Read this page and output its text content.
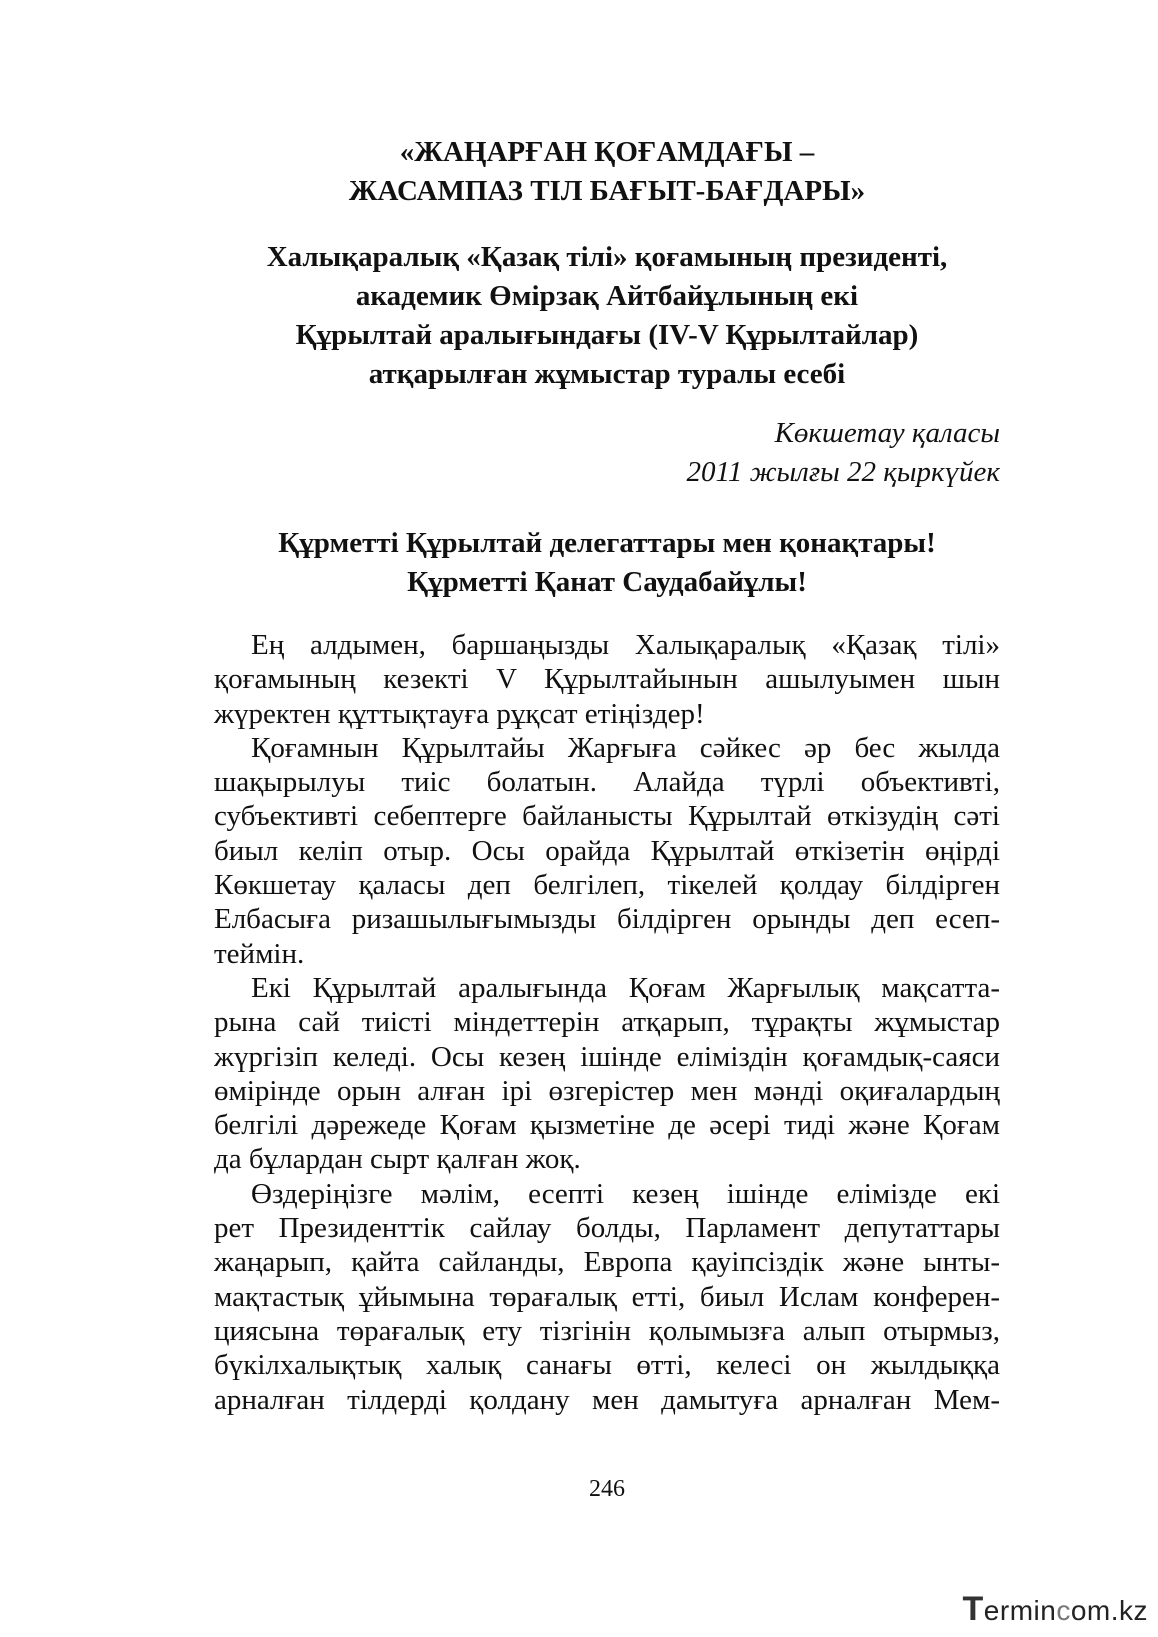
«ЖАҢАРҒАН ҚОҒАМДАҒЫ –
ЖАСАМПАЗ ТІЛ БАҒЫТ-БАҒДАРЫ»
Халықаралық «Қазақ тілі» қоғамының президенті,
академик Өмірзақ Айтбайұлының екі
Құрылтай аралығындағы (IV-V Құрылтайлар)
атқарылған жұмыстар туралы есебі
Көкшетау қаласы
2011 жылғы 22 қыркүйек
Құрметті Құрылтай делегаттары мен қонақтары!
Құрметті Қанат Саудабайұлы!

Ең алдымен, баршаңызды Халықаралық «Қазақ тілі»
қоғамының кезекті V Құрылтайынын ашылуымен шын
жүректен құттықтауға рұқсат етіңіздер!

Қоғамнын Құрылтайы Жарғыға сәйкес әр бес жылда
шақырылуы тиіс болатын. Алайда түрлі объективті,
субъективті себептерге байланысты Құрылтай өткізудің сәті
биыл келіп отыр. Осы орайда Құрылтай өткізетін өңірді
Көкшетау қаласы деп белгілеп, тікелей қолдау білдірген
Елбасыға ризашылығымызды білдірген орынды деп есеп-
теймін.

Екі Құрылтай аралығында Қоғам Жарғылық мақсатта-
рына сай тиісті міндеттерін атқарып, тұрақты жұмыстар
жүргізіп келеді. Осы кезең ішінде еліміздін қоғамдық-саяси
өмірінде орын алған ірі өзгерістер мен мәнді оқиғалардың
белгілі дәрежеде Қоғам қызметіне де әсері тиді және Қоғам
да бұлардан сырт қалған жоқ.

Өздеріңізге мәлім, есепті кезең ішінде елімізде екі
рет Президенттік сайлау болды, Парламент депутаттары
жаңарып, қайта сайланды, Европа қауіпсіздік және ынты-
мақтастық ұйымына төрағалық етті, биыл Ислам конферен-
циясына төрағалық ету тізгінін қолымызға алып отырмыз,
бүкілхалықтық халық санағы өтті, келесі он жылдыққа
арналған тілдерді қолдану мен дамытуға арналған Мем-

246
Termincom.kz
